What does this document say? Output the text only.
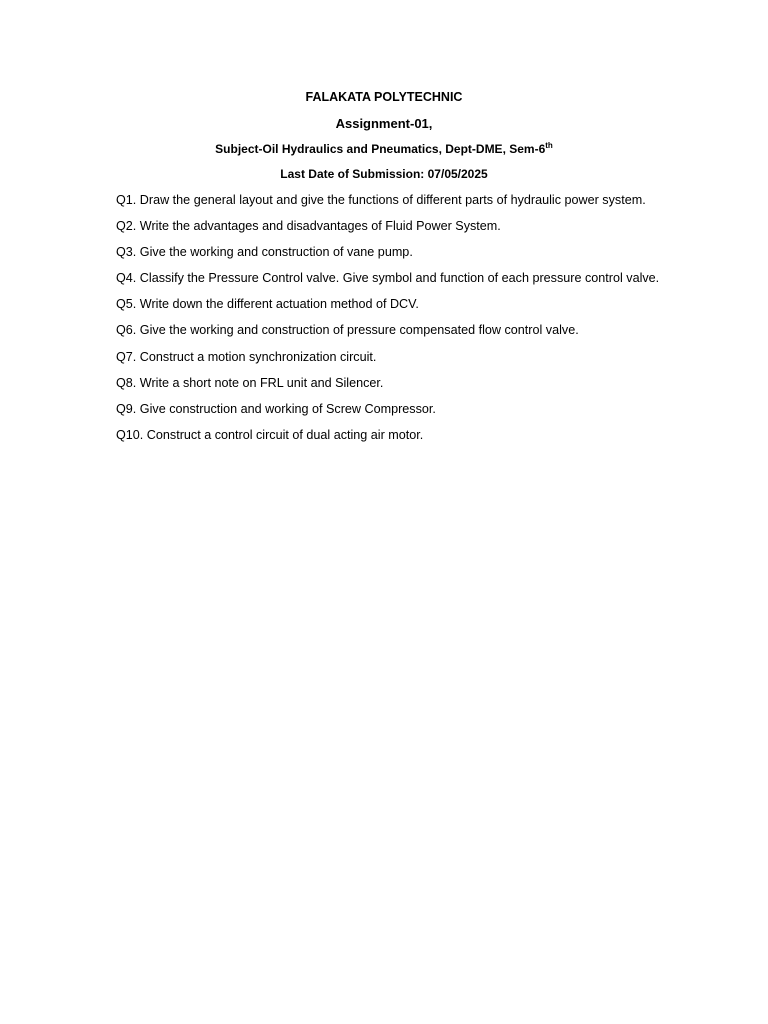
FALAKATA POLYTECHNIC
Assignment-01,
Subject-Oil Hydraulics and Pneumatics, Dept-DME, Sem-6th
Last Date of Submission: 07/05/2025
Q1. Draw the general layout and give the functions of different parts of hydraulic power system.
Q2. Write the advantages and disadvantages of Fluid Power System.
Q3. Give the working and construction of vane pump.
Q4. Classify the Pressure Control valve. Give symbol and function of each pressure control valve.
Q5. Write down the different actuation method of DCV.
Q6. Give the working and construction of pressure compensated flow control valve.
Q7. Construct a motion synchronization circuit.
Q8. Write a short note on FRL unit and Silencer.
Q9. Give construction and working of Screw Compressor.
Q10. Construct a control circuit of dual acting air motor.
